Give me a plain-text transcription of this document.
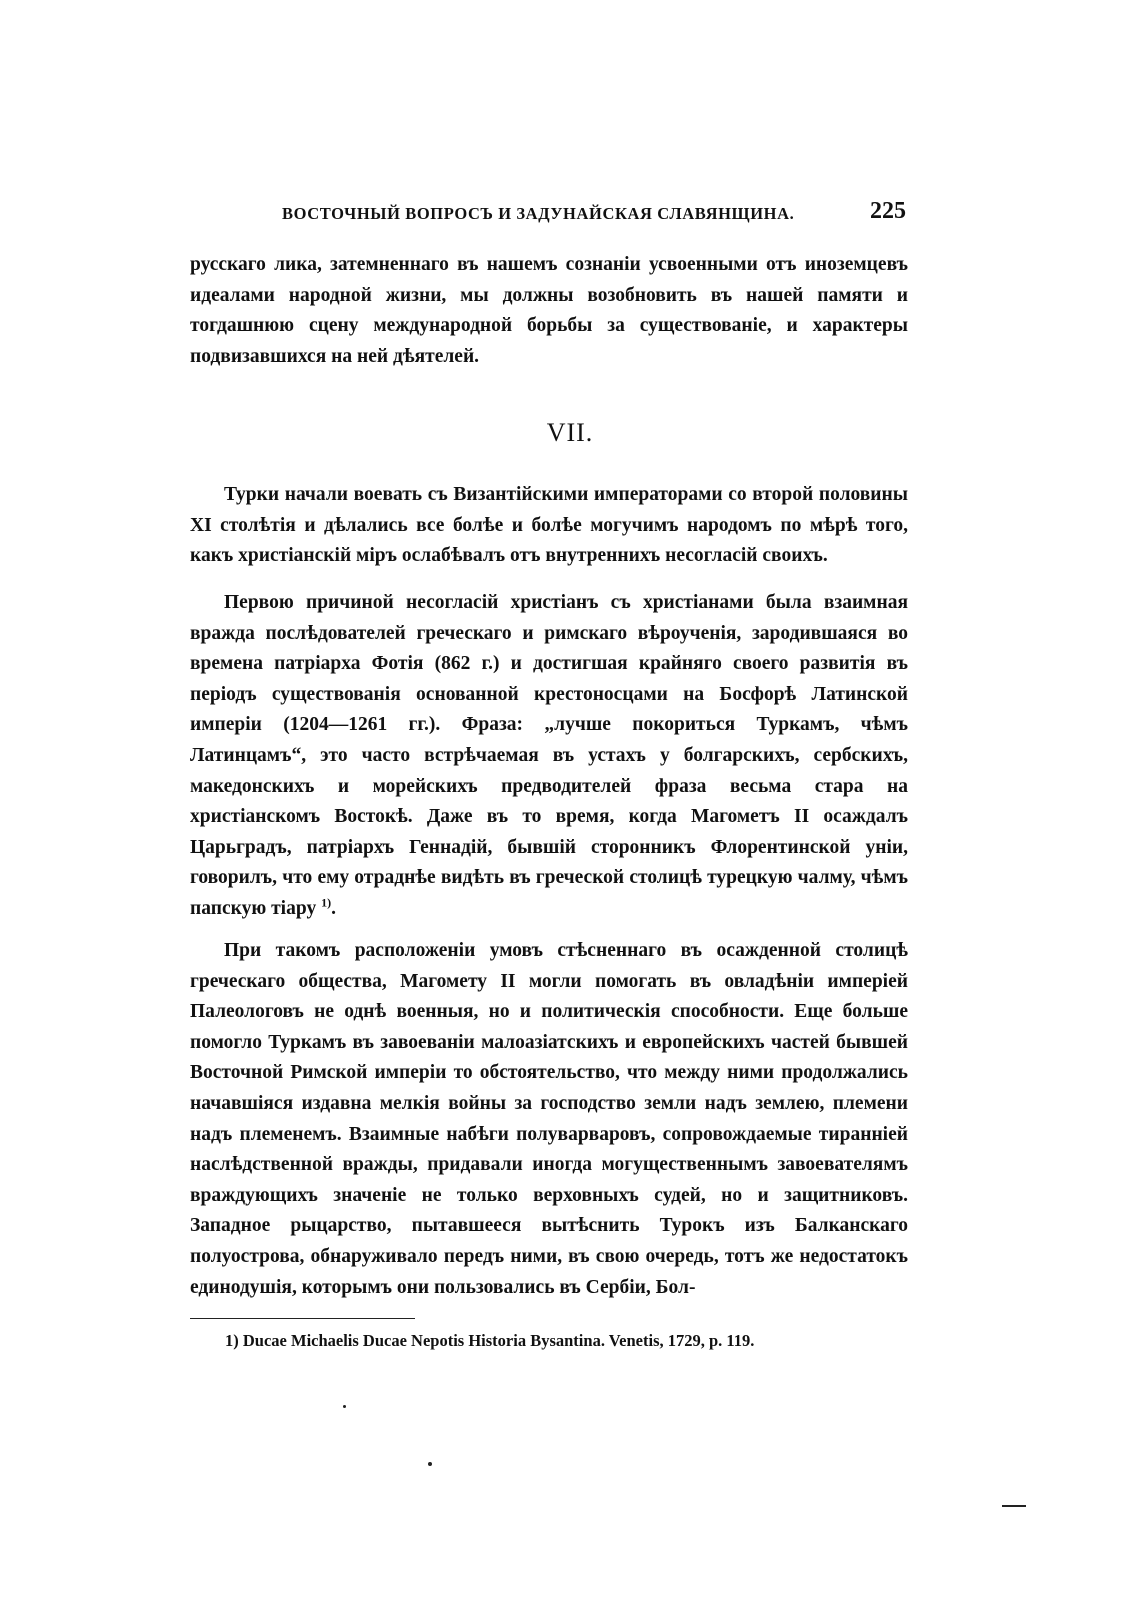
ВОСТОЧНЫЙ ВОПРОСЪ И ЗАДУНАЙСКАЯ СЛАВЯНЩИНА.	225

русскаго лика, затемненнаго въ нашемъ сознаніи усвоенными отъ иноземцевъ идеалами народной жизни, мы должны возобновить въ нашей памяти и тогдашнюю сцену международной борьбы за существованіе, и характеры подвизавшихся на ней дѣятелей.

VII.

Турки начали воевать съ Византійскими императорами со второй половины XI столѣтія и дѣлались все болѣе и болѣе могучимъ народомъ по мѣрѣ того, какъ христіанскій міръ ослабѣвалъ отъ внутреннихъ несогласій своихъ.

Первою причиной несогласій христіанъ съ христіанами была взаимная вражда послѣдователей греческаго и римскаго вѣроученія, зародившаяся во времена патріарха Фотія (862 г.) и достигшая крайняго своего развитія въ періодъ существованія основанной крестоносцами на Босфорѣ Латинской имперіи (1204—1261 гг.). Фраза: „лучше покориться Туркамъ, чѣмъ Латинцамъ“, это часто встрѣчаемая въ устахъ у болгарскихъ, сербскихъ, македонскихъ и морейскихъ предводителей фраза весьма стара на христіанскомъ Востокѣ. Даже въ то время, когда Магометъ II осаждалъ Царьградъ, патріархъ Геннадій, бывшій сторонникъ Флорентинской уніи, говорилъ, что ему отраднѣе видѣть въ греческой столицѣ турецкую чалму, чѣмъ папскую тіару $^{1)}$.

При такомъ расположеніи умовъ стѣсненнаго въ осажденной столицѣ греческаго общества, Магомету II могли помогать въ овладѣніи имперіей Палеологовъ не однѣ военныя, но и политическія способности. Еще больше помогло Туркамъ въ завоеваніи малоазіатскихъ и европейскихъ частей бывшей Восточной Римской имперіи то обстоятельство, что между ними продолжались начавшіяся издавна мелкія войны за господство земли надъ землею, племени надъ племенемъ. Взаимные набѣги полуварваровъ, сопровождаемые тиранніей наслѣдственной вражды, придавали иногда могущественнымъ завоевателямъ враждующихъ значеніе не только верховныхъ судей, но и защитниковъ. Западное рыцарство, пытавшееся вытѣснить Турокъ изъ Балканскаго полуострова, обнаруживало передъ ними, въ свою очередь, тотъ же недостатокъ единодушія, которымъ они пользовались въ Сербіи, Бол-

1) Ducae Michaelis Ducae Nepotis Historia Bysantina. Venetis, 1729, p. 119.
